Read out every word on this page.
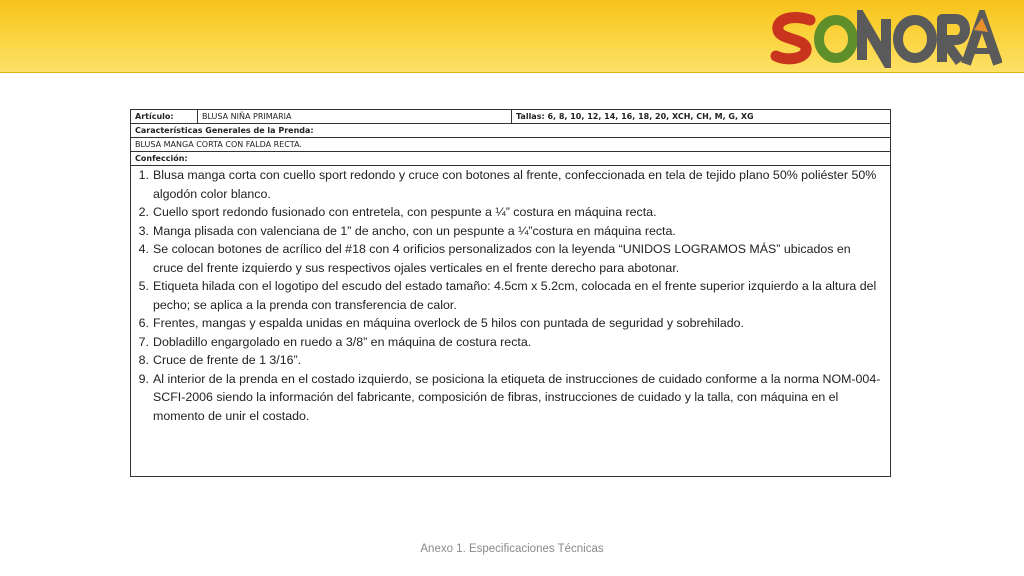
Artículo:	BLUSA NIÑA PRIMARIA	Tallas: 6, 8, 10, 12, 14, 16, 18, 20, XCH, CH, M, G, XG
Características Generales de la Prenda:
BLUSA MANGA CORTA CON FALDA RECTA.
Confección:
1. Blusa manga corta con cuello sport redondo y cruce con botones al frente, confeccionada en tela de tejido plano 50% poliéster 50% algodón color blanco.
2. Cuello sport redondo fusionado con entretela, con pespunte a ¼” costura en máquina recta.
3. Manga plisada con valenciana de 1” de ancho, con un pespunte a ¼”costura en máquina recta.
4. Se colocan botones de acrílico del #18 con 4 orificios personalizados con la leyenda “UNIDOS LOGRAMOS MÁS” ubicados en cruce del frente izquierdo y sus respectivos ojales verticales en el frente derecho para abotonar.
5. Etiqueta hilada con el logotipo del escudo del estado tamaño: 4.5cm x 5.2cm, colocada en el frente superior izquierdo a la altura del pecho; se aplica a la prenda con transferencia de calor.
6. Frentes, mangas y espalda unidas en máquina overlock de 5 hilos con puntada de seguridad y sobrehilado.
7. Dobladillo engargolado en ruedo a 3/8” en máquina de costura recta.
8. Cruce de frente de 1 3/16”.
9. Al interior de la prenda en el costado izquierdo, se posiciona la etiqueta de instrucciones de cuidado conforme a la norma NOM-004-SCFI-2006 siendo la información del fabricante, composición de fibras, instrucciones de cuidado y la talla, con máquina en el momento de unir el costado.
Anexo 1. Especificaciones Técnicas
